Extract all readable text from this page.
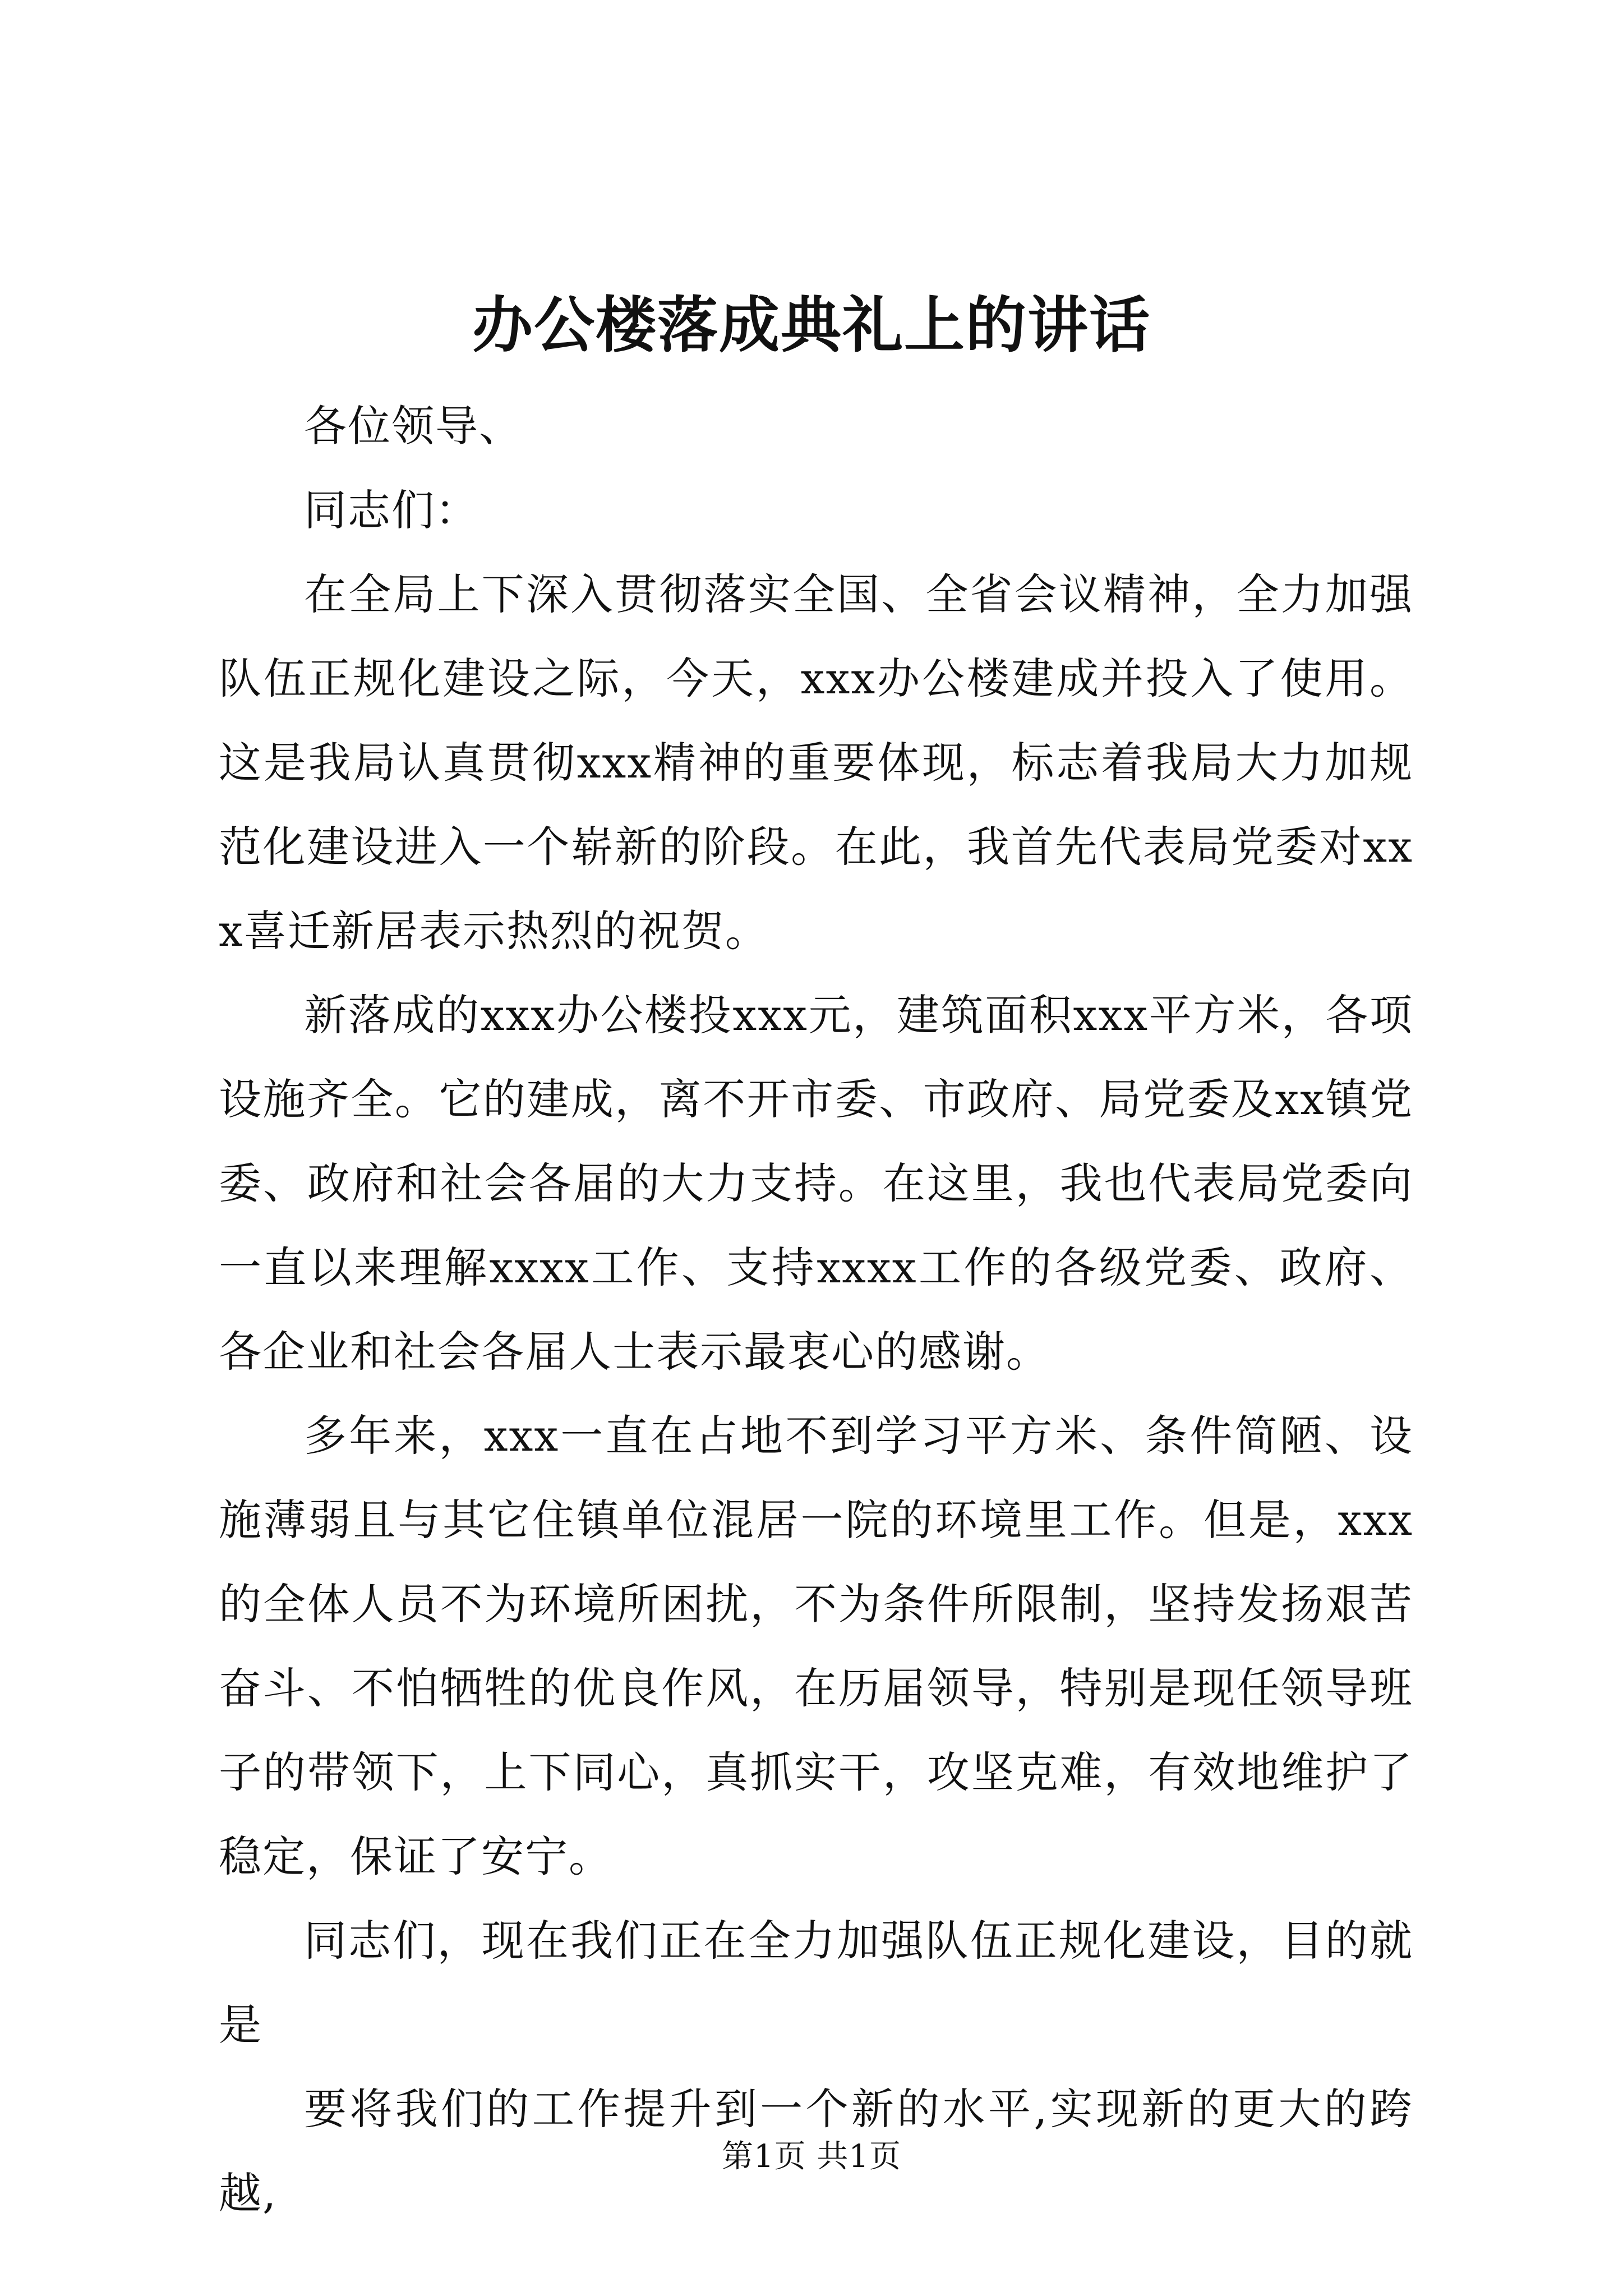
办公楼落成典礼上的讲话

各位领导、

同志们：

在全局上下深入贯彻落实全国、全省会议精神，全力加强队伍正规化建设之际，今天，xxx办公楼建成并投入了使用。这是我局认真贯彻xxx精神的重要体现，标志着我局大力加规范化建设进入一个崭新的阶段。在此，我首先代表局党委对xxx喜迁新居表示热烈的祝贺。

新落成的xxx办公楼投xxx元，建筑面积xxx平方米，各项设施齐全。它的建成，离不开市委、市政府、局党委及xx镇党委、政府和社会各届的大力支持。在这里，我也代表局党委向一直以来理解xxxx工作、支持xxxx工作的各级党委、政府、各企业和社会各届人士表示最衷心的感谢。

多年来，xxx一直在占地不到学习平方米、条件简陋、设施薄弱且与其它住镇单位混居一院的环境里工作。但是，xxx的全体人员不为环境所困扰，不为条件所限制，坚持发扬艰苦奋斗、不怕牺牲的优良作风，在历届领导，特别是现任领导班子的带领下，上下同心，真抓实干，攻坚克难，有效地维护了稳定，保证了安宁。

同志们，现在我们正在全力加强队伍正规化建设，目的就是

要将我们的工作提升到一个新的水平,实现新的更大的跨越,

第1页 共1页
